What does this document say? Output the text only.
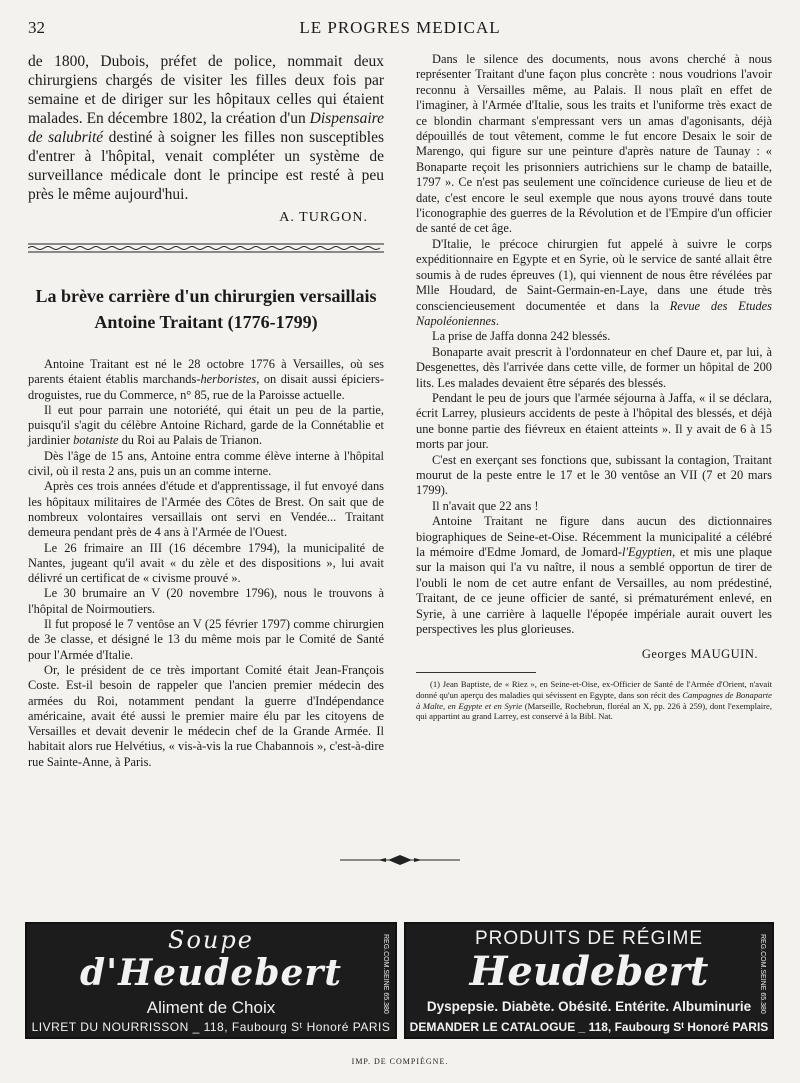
32	LE PROGRES MEDICAL

de 1800, Dubois, préfet de police, nommait deux chirurgiens chargés de visiter les filles deux fois par semaine et de diriger sur les hôpitaux celles qui étaient malades. En décembre 1802, la création d'un Dispensaire de salubrité destiné à soigner les filles non susceptibles d'entrer à l'hôpital, venait compléter un système de surveillance médicale dont le principe est resté à peu près le même aujourd'hui.

A. TURGON.
La brève carrière d'un chirurgien versaillais
Antoine Traitant (1776-1799)

Antoine Traitant est né le 28 octobre 1776 à Versailles, où ses parents étaient établis marchands-herboristes, on disait aussi épiciers-droguistes, rue du Commerce, n° 85, rue de la Paroisse actuelle.

Il eut pour parrain une notoriété, qui était un peu de la partie, puisqu'il s'agit du célèbre Antoine Richard, garde de la Connétablie et jardinier botaniste du Roi au Palais de Trianon.

Dès l'âge de 15 ans, Antoine entra comme élève interne à l'hôpital civil, où il resta 2 ans, puis un an comme interne.

Après ces trois années d'étude et d'apprentissage, il fut envoyé dans les hôpitaux militaires de l'Armée des Côtes de Brest. On sait que de nombreux volontaires versaillais ont servi en Vendée... Traitant demeura pendant près de 4 ans à l'Armée de l'Ouest.

Le 26 frimaire an III (16 décembre 1794), la municipalité de Nantes, jugeant qu'il avait « du zèle et des dispositions », lui avait délivré un certificat de « civisme prouvé ».

Le 30 brumaire an V (20 novembre 1796), nous le trouvons à l'hôpital de Noirmoutiers.

Il fut proposé le 7 ventôse an V (25 février 1797) comme chirurgien de 3e classe, et désigné le 13 du même mois par le Comité de Santé pour l'Armée d'Italie.

Or, le président de ce très important Comité était Jean-François Coste. Est-il besoin de rappeler que l'ancien premier médecin des armées du Roi, notamment pendant la guerre d'Indépendance américaine, avait été aussi le premier maire élu par les citoyens de Versailles et devait devenir le médecin chef de la Grande Armée. Il habitait alors rue Helvétius, « vis-à-vis la rue Chabannois », c'est-à-dire rue Sainte-Anne, à Paris.

Dans le silence des documents, nous avons cherché à nous représenter Traitant d'une façon plus concrète : nous voudrions l'avoir reconnu à Versailles même, au Palais. Il nous plaît en effet de l'imaginer, à l'Armée d'Italie, sous les traits et l'uniforme très exact de ce blondin charmant s'empressant vers un amas d'agonisants, déjà dépouillés de tout vêtement, comme le fut encore Desaix le soir de Marengo, qui figure sur une peinture d'après nature de Taunay : « Bonaparte reçoit les prisonniers autrichiens sur le champ de bataille, 1797 ». Ce n'est pas seulement une coïncidence curieuse de lieu et de date, c'est encore le seul exemple que nous ayons trouvé dans toute l'iconographie des guerres de la Révolution et de l'Empire d'un officier de santé de cet âge.

D'Italie, le précoce chirurgien fut appelé à suivre le corps expéditionnaire en Egypte et en Syrie, où le service de santé allait être soumis à de rudes épreuves (1), qui viennent de nous être révélées par Mlle Houdard, de Saint-Germain-en-Laye, dans une étude très consciencieusement documentée et dans la Revue des Etudes Napoléoniennes.

La prise de Jaffa donna 242 blessés.

Bonaparte avait prescrit à l'ordonnateur en chef Daure et, par lui, à Desgenettes, dès l'arrivée dans cette ville, de former un hôpital de 200 lits. Les malades devaient être séparés des blessés.

Pendant le peu de jours que l'armée séjourna à Jaffa, « il se déclara, écrit Larrey, plusieurs accidents de peste à l'hôpital des blessés, et déjà une bonne partie des fiévreux en étaient atteints ». Il y avait de 6 à 15 morts par jour.

C'est en exerçant ses fonctions que, subissant la contagion, Traitant mourut de la peste entre le 17 et le 30 ventôse an VII (7 et 20 mars 1799).

Il n'avait que 22 ans !

Antoine Traitant ne figure dans aucun des dictionnaires biographiques de Seine-et-Oise. Récemment la municipalité a célébré la mémoire d'Edme Jomard, de Jomard-l'Egyptien, et mis une plaque sur la maison qui l'a vu naître, il nous a semblé opportun de tirer de l'oubli le nom de cet autre enfant de Versailles, au nom prédestiné, Traitant, de ce jeune officier de santé, si prématurément enlevé, en Syrie, à une carrière à laquelle l'épopée impériale aurait ouvert les perspectives les plus glorieuses.

Georges MAUGUIN.

(1) Jean Baptiste, de « Riez », en Seine-et-Oise, ex-Officier de Santé de l'Armée d'Orient, n'avait donné qu'un aperçu des maladies qui sévissent en Egypte, dans son récit des Campagnes de Bonaparte à Malte, en Egypte et en Syrie (Marseille, Rochebrun, floréal an X, pp. 226 à 259), dont l'exemplaire, qui appartint au grand Larrey, est conservé à la Bibl. Nat.

Soupe
d'Heudebert
Aliment de Choix
LIVRET DU NOURRISSON _ 118, Faubourg Sᵗ Honoré PARIS
REG.COM.SEINE 65.380	PRODUITS DE RÉGIME
Heudebert
Dyspepsie. Diabète. Obésité. Entérite. Albuminurie
DEMANDER LE CATALOGUE _ 118, Faubourg Sᵗ Honoré PARIS
REG.COM.SEINE 65.380
IMP. DE COMPIÈGNE.
